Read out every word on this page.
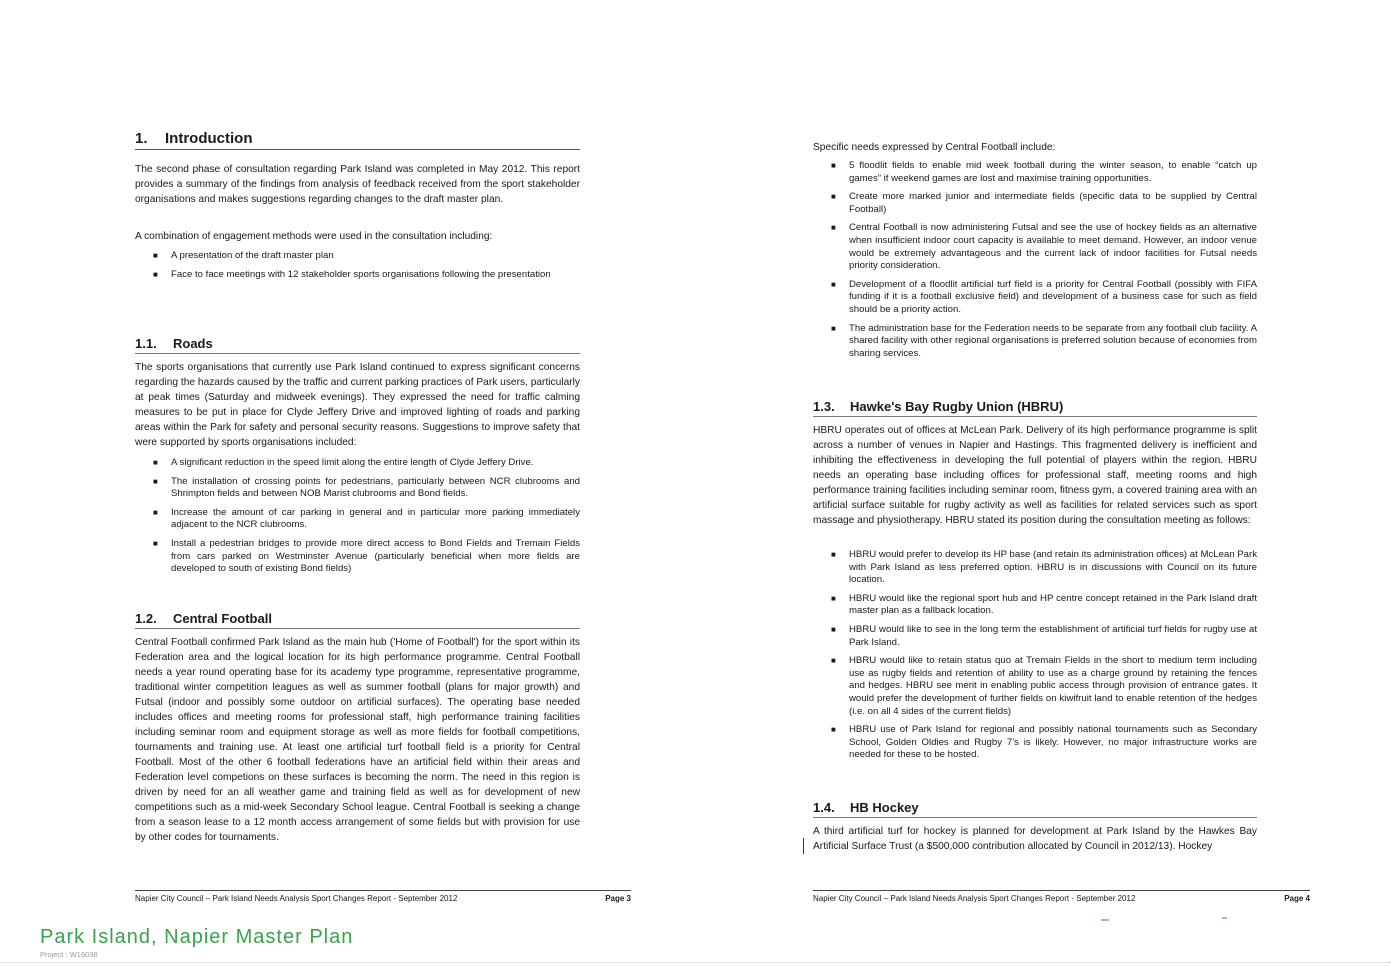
1. Introduction

The second phase of consultation regarding Park Island was completed in May 2012. This report provides a summary of the findings from analysis of feedback received from the sport stakeholder organisations and makes suggestions regarding changes to the draft master plan.

A combination of engagement methods were used in the consultation including:

■ A presentation of the draft master plan
■ Face to face meetings with 12 stakeholder sports organisations following the presentation
1.1. Roads

The sports organisations that currently use Park Island continued to express significant concerns regarding the hazards caused by the traffic and current parking practices of Park users, particularly at peak times (Saturday and midweek evenings). They expressed the need for traffic calming measures to be put in place for Clyde Jeffery Drive and improved lighting of roads and parking areas within the Park for safety and personal security reasons. Suggestions to improve safety that were supported by sports organisations included:

■ A significant reduction in the speed limit along the entire length of Clyde Jeffery Drive.
■ The installation of crossing points for pedestrians, particularly between NCR clubrooms and Shrimpton fields and between NOB Marist clubrooms and Bond fields.
■ Increase the amount of car parking in general and in particular more parking immediately adjacent to the NCR clubrooms.
■ Install a pedestrian bridges to provide more direct access to Bond Fields and Tremain Fields from cars parked on Westminster Avenue (particularly beneficial when more fields are developed to south of existing Bond fields)
1.2. Central Football

Central Football confirmed Park Island as the main hub ('Home of Football') for the sport within its Federation area and the logical location for its high performance programme. Central Football needs a year round operating base for its academy type programme, representative programme, traditional winter competition leagues as well as summer football (plans for major growth) and Futsal (indoor and possibly some outdoor on artificial surfaces). The operating base needed includes offices and meeting rooms for professional staff, high performance training facilities including seminar room and equipment storage as well as more fields for football competitions, tournaments and training use. At least one artificial turf football field is a priority for Central Football. Most of the other 6 football federations have an artificial field within their areas and Federation level competions on these surfaces is becoming the norm. The need in this region is driven by need for an all weather game and training field as well as for development of new competitions such as a mid-week Secondary School league. Central Football is seeking a change from a season lease to a 12 month access arrangement of some fields but with provision for use by other codes for tournaments.

Napier City Council – Park Island Needs Analysis Sport Changes Report - September 2012	Page 3

Specific needs expressed by Central Football include:

■ 5 floodlit fields to enable mid week football during the winter season, to enable “catch up games” if weekend games are lost and maximise training opportunities.
■ Create more marked junior and intermediate fields (specific data to be supplied by Central Football)
■ Central Football is now administering Futsal and see the use of hockey fields as an alternative when insufficient indoor court capacity is available to meet demand. However, an indoor venue would be extremely advantageous and the current lack of indoor facilities for Futsal needs priority consideration.
■ Development of a floodlit artificial turf field is a priority for Central Football (possibly with FIFA funding if it is a football exclusive field) and development of a business case for such as field should be a priority action.
■ The administration base for the Federation needs to be separate from any football club facility. A shared facility with other regional organisations is preferred solution because of economies from sharing services.
1.3. Hawke's Bay Rugby Union (HBRU)

HBRU operates out of offices at McLean Park. Delivery of its high performance programme is split across a number of venues in Napier and Hastings. This fragmented delivery is inefficient and inhibiting the effectiveness in developing the full potential of players within the region. HBRU needs an operating base including offices for professional staff, meeting rooms and high performance training facilities including seminar room, fitness gym, a covered training area with an artificial surface suitable for rugby activity as well as facilities for related services such as sport massage and physiotherapy. HBRU stated its position during the consultation meeting as follows:

■ HBRU would prefer to develop its HP base (and retain its administration offices) at McLean Park with Park Island as less preferred option. HBRU is in discussions with Council on its future location.
■ HBRU would like the regional sport hub and HP centre concept retained in the Park Island draft master plan as a fallback location.
■ HBRU would like to see in the long term the establishment of artificial turf fields for rugby use at Park Island.
■ HBRU would like to retain status quo at Tremain Fields in the short to medium term including use as rugby fields and retention of ability to use as a charge ground by retaining the fences and hedges. HBRU see merit in enabling public access through provision of entrance gates. It would prefer the development of further fields on kiwifruit land to enable retention of the hedges (i.e. on all 4 sides of the current fields)
■ HBRU use of Park Island for regional and possibly national tournaments such as Secondary School, Golden Oldies and Rugby 7’s is likely. However, no major infrastructure works are needed for these to be hosted.
1.4. HB Hockey

A third artificial turf for hockey is planned for development at Park Island by the Hawkes Bay Artificial Surface Trust (a $500,000 contribution allocated by Council in 2012/13). Hockey

Napier City Council – Park Island Needs Analysis Sport Changes Report - September 2012	Page 4
Park Island, Napier Master Plan
Project : W16038
